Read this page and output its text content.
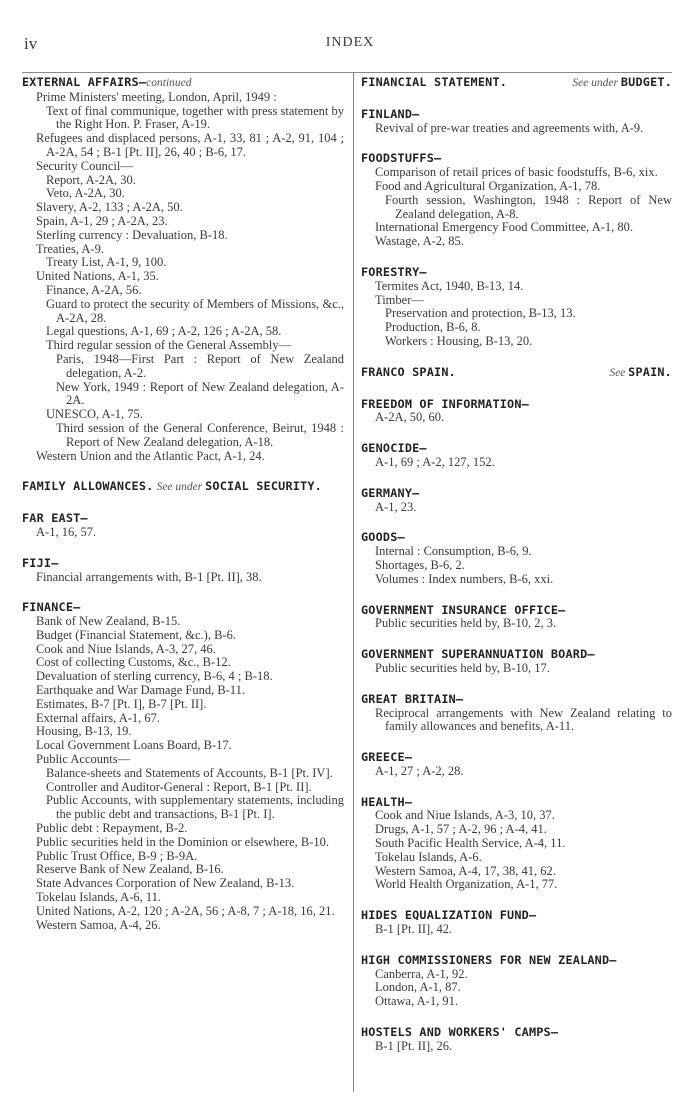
iv	INDEX
EXTERNAL AFFAIRS—continued
Prime Ministers' meeting, London, April, 1949 :
Text of final communique, together with press statement by the Right Hon. P. Fraser, A-19.
Refugees and displaced persons, A-1, 33, 81 ; A-2, 91, 104 ; A-2A, 54 ; B-1 [Pt. II], 26, 40 ; B-6, 17.
Security Council—
Report, A-2A, 30.
Veto, A-2A, 30.
Slavery, A-2, 133 ; A-2A, 50.
Spain, A-1, 29 ; A-2A, 23.
Sterling currency : Devaluation, B-18.
Treaties, A-9.
Treaty List, A-1, 9, 100.
United Nations, A-1, 35.
Finance, A-2A, 56.
Guard to protect the security of Members of Missions, &c., A-2A, 28.
Legal questions, A-1, 69 ; A-2, 126 ; A-2A, 58.
Third regular session of the General Assembly—
Paris, 1948—First Part : Report of New Zealand delegation, A-2.
New York, 1949 : Report of New Zealand delegation, A-2A.
UNESCO, A-1, 75.
Third session of the General Conference, Beirut, 1948 : Report of New Zealand delegation, A-18.
Western Union and the Atlantic Pact, A-1, 24.
FAMILY ALLOWANCES. See under SOCIAL SECURITY.
FAR EAST—
A-1, 16, 57.
FIJI—
Financial arrangements with, B-1 [Pt. II], 38.
FINANCE—
Bank of New Zealand, B-15.
Budget (Financial Statement, &c.), B-6.
Cook and Niue Islands, A-3, 27, 46.
Cost of collecting Customs, &c., B-12.
Devaluation of sterling currency, B-6, 4 ; B-18.
Earthquake and War Damage Fund, B-11.
Estimates, B-7 [Pt. I], B-7 [Pt. II].
External affairs, A-1, 67.
Housing, B-13, 19.
Local Government Loans Board, B-17.
Public Accounts—
Balance-sheets and Statements of Accounts, B-1 [Pt. IV].
Controller and Auditor-General : Report, B-1 [Pt. II].
Public Accounts, with supplementary statements, including the public debt and transactions, B-1 [Pt. I].
Public debt : Repayment, B-2.
Public securities held in the Dominion or elsewhere, B-10.
Public Trust Office, B-9 ; B-9A.
Reserve Bank of New Zealand, B-16.
State Advances Corporation of New Zealand, B-13.
Tokelau Islands, A-6, 11.
United Nations, A-2, 120 ; A-2A, 56 ; A-8, 7 ; A-18, 16, 21.
Western Samoa, A-4, 26.
FINANCIAL STATEMENT.	See under BUDGET.
FINLAND—
Revival of pre-war treaties and agreements with, A-9.
FOODSTUFFS—
Comparison of retail prices of basic foodstuffs, B-6, xix.
Food and Agricultural Organization, A-1, 78.
Fourth session, Washington, 1948 : Report of New Zealand delegation, A-8.
International Emergency Food Committee, A-1, 80.
Wastage, A-2, 85.
FORESTRY—
Termites Act, 1940, B-13, 14.
Timber—
Preservation and protection, B-13, 13.
Production, B-6, 8.
Workers : Housing, B-13, 20.
FRANCO SPAIN.	See SPAIN.
FREEDOM OF INFORMATION—
A-2A, 50, 60.
GENOCIDE—
A-1, 69 ; A-2, 127, 152.
GERMANY—
A-1, 23.
GOODS—
Internal : Consumption, B-6, 9.
Shortages, B-6, 2.
Volumes : Index numbers, B-6, xxi.
GOVERNMENT INSURANCE OFFICE—
Public securities held by, B-10, 2, 3.
GOVERNMENT SUPERANNUATION BOARD—
Public securities held by, B-10, 17.
GREAT BRITAIN—
Reciprocal arrangements with New Zealand relating to family allowances and benefits, A-11.
GREECE—
A-1, 27 ; A-2, 28.
HEALTH—
Cook and Niue Islands, A-3, 10, 37.
Drugs, A-1, 57 ; A-2, 96 ; A-4, 41.
South Pacific Health Service, A-4, 11.
Tokelau Islands, A-6.
Western Samoa, A-4, 17, 38, 41, 62.
World Health Organization, A-1, 77.
HIDES EQUALIZATION FUND—
B-1 [Pt. II], 42.
HIGH COMMISSIONERS FOR NEW ZEALAND—
Canberra, A-1, 92.
London, A-1, 87.
Ottawa, A-1, 91.
HOSTELS AND WORKERS' CAMPS—
B-1 [Pt. II], 26.
